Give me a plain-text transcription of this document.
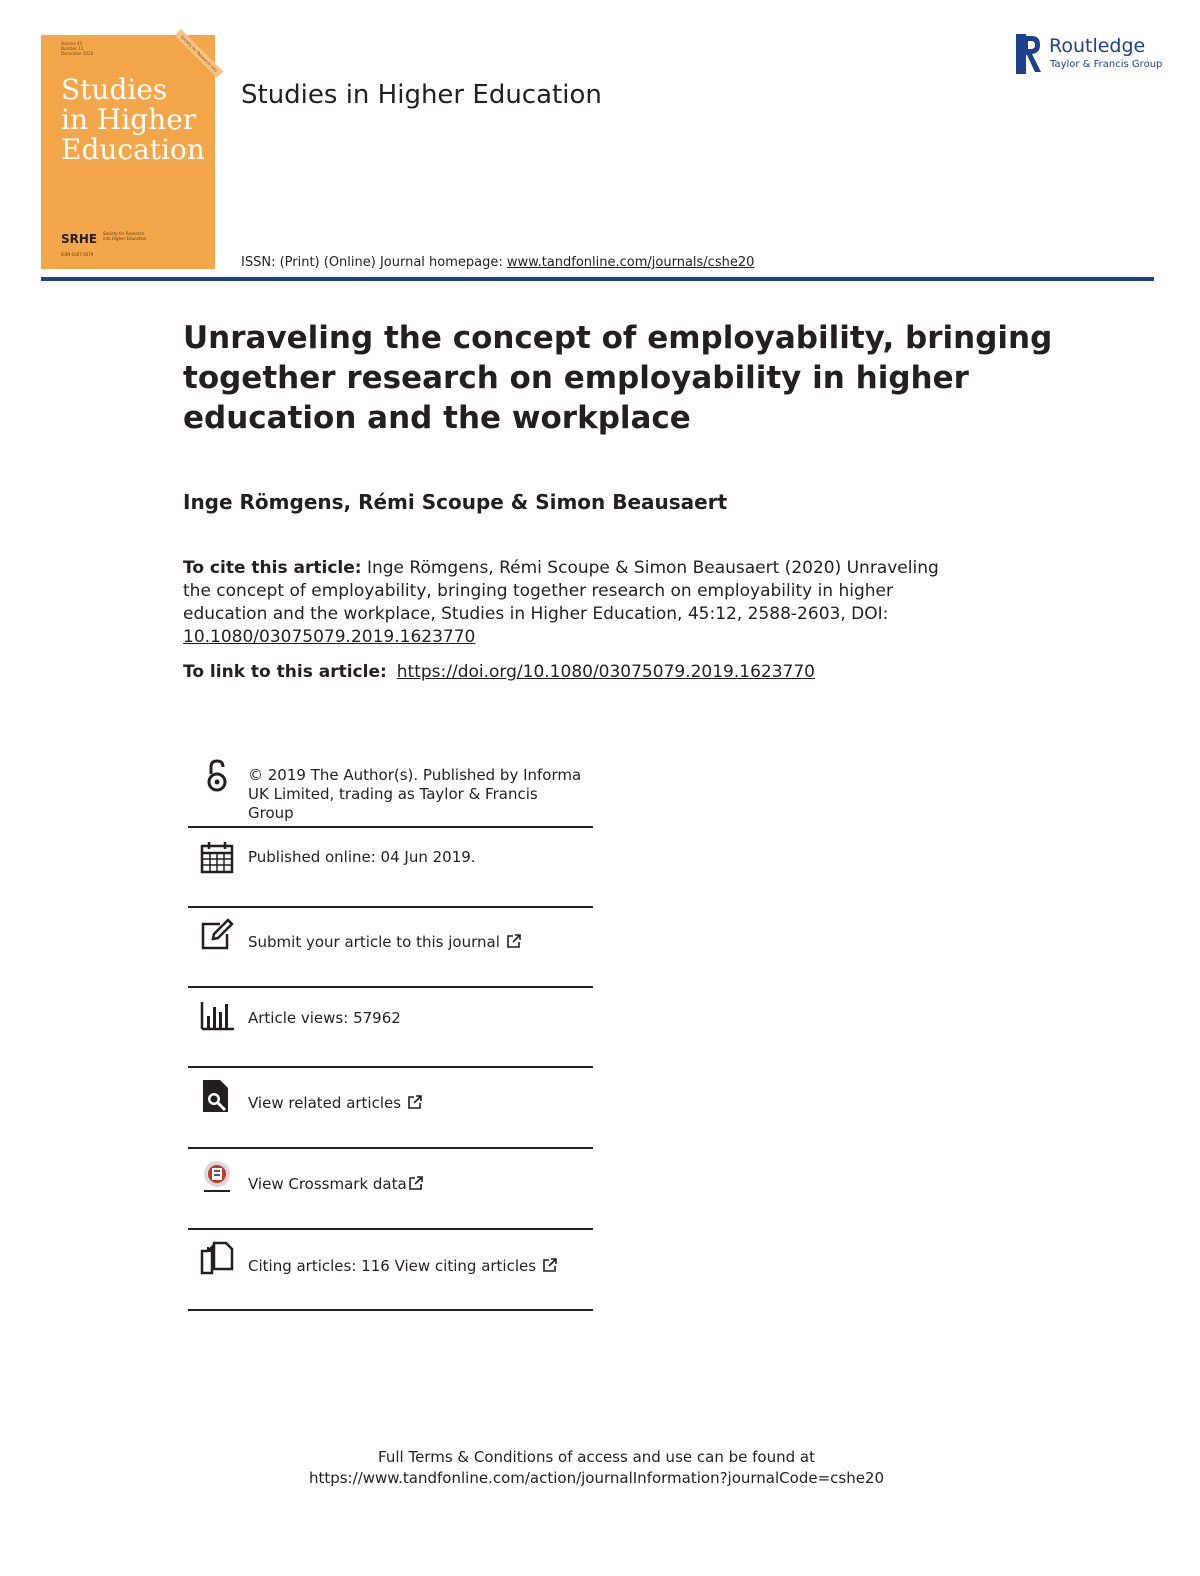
Volume 45
Number 12
December 2020	Society for Research into Higher Education
Studies
in Higher
Education
SRHE Society for Research
into Higher Education
ISSN 0307-5079
Studies in Higher Education
ISSN: (Print) (Online) Journal homepage: www.tandfonline.com/journals/cshe20
Routledge
Taylor & Francis Group
Unraveling the concept of employability, bringing
together research on employability in higher
education and the workplace
Inge Römgens, Rémi Scoupe & Simon Beausaert
To cite this article: Inge Römgens, Rémi Scoupe & Simon Beausaert (2020) Unraveling
the concept of employability, bringing together research on employability in higher
education and the workplace, Studies in Higher Education, 45:12, 2588-2603, DOI:
10.1080/03075079.2019.1623770
To link to this article: https://doi.org/10.1080/03075079.2019.1623770
© 2019 The Author(s). Published by Informa
UK Limited, trading as Taylor & Francis
Group
Published online: 04 Jun 2019.
Submit your article to this journal
Article views: 57962
View related articles
View Crossmark data
Citing articles: 116 View citing articles
Full Terms & Conditions of access and use can be found at
https://www.tandfonline.com/action/journalInformation?journalCode=cshe20
